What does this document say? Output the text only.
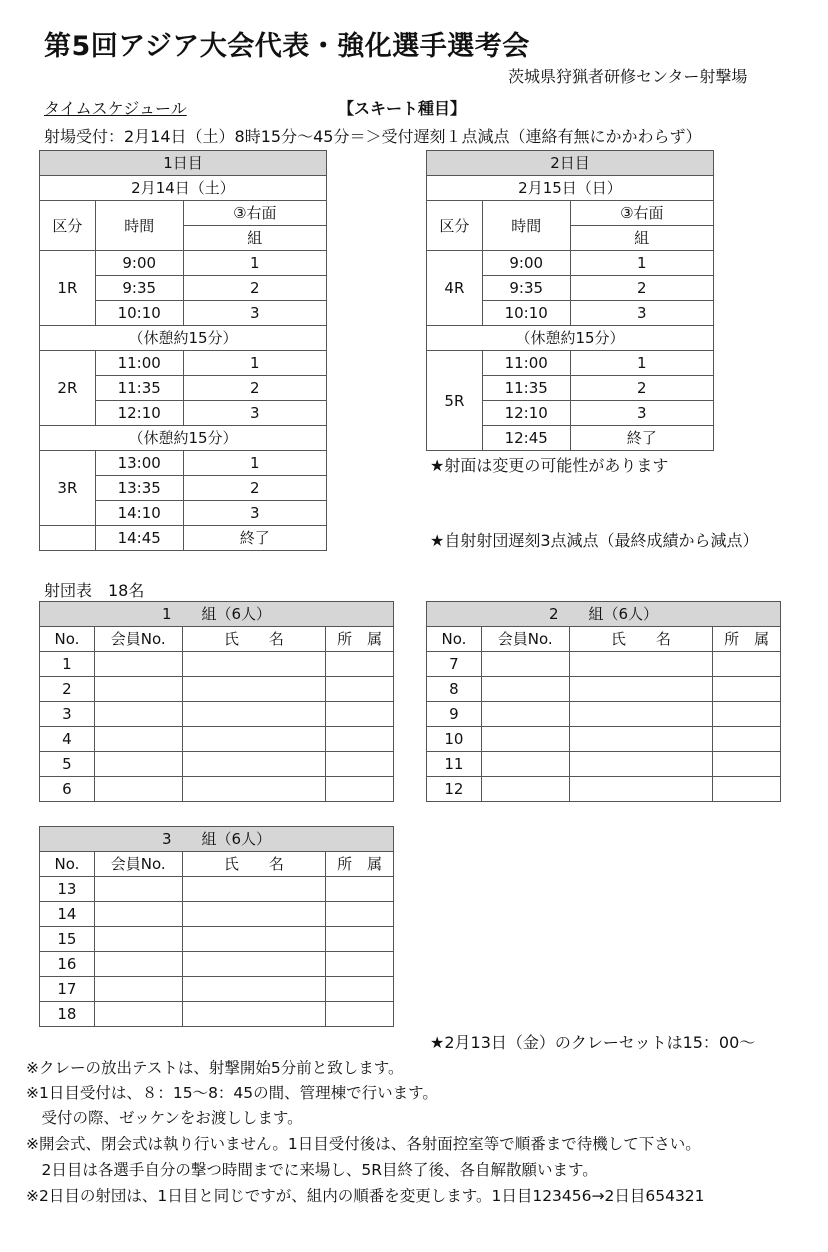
第5回アジア大会代表・強化選手選考会
茨城県狩猟者研修センター射撃場
タイムスケジュール	【スキート種目】
射場受付：2月14日（土）8時15分～45分＝＞受付遅刻１点減点（連絡有無にかかわらず）
1日目		
2月14日（土）		
区分	時間	③右面
		組
1R	9:00	1
	9:35	2
	10:10	3
（休憩約15分）		
2R	11:00	1
	11:35	2
	12:10	3
（休憩約15分）		
3R	13:00	1
	13:35	2
	14:10	3
	14:45	終了
2日目		
2月15日（日）		
区分	時間	③右面
		組
4R	9:00	1
	9:35	2
	10:10	3
（休憩約15分）		
5R	11:00	1
	11:35	2
	12:10	3
	12:45	終了
★射面は変更の可能性があります
★自射射団遅刻3点減点（最終成績から減点）
射団表　18名
1　　組（6人）			
No.	会員No.	氏　　名	所　属
1			
2			
3			
4			
5			
6			
2　　組（6人）			
No.	会員No.	氏　　名	所　属
7			
8			
9			
10			
11			
12			
3　　組（6人）			
No.	会員No.	氏　　名	所　属
13			
14			
15			
16			
17			
18			
★2月13日（金）のクレーセットは15：00～
※クレーの放出テストは、射撃開始5分前と致します。
※1日目受付は、８：15～8：45の間、管理棟で行います。
　受付の際、ゼッケンをお渡しします。
※開会式、閉会式は執り行いません。1日目受付後は、各射面控室等で順番まで待機して下さい。
　2日目は各選手自分の撃つ時間までに来場し、5R目終了後、各自解散願います。
※2日目の射団は、1日目と同じですが、組内の順番を変更します。1日目123456→2日目654321
